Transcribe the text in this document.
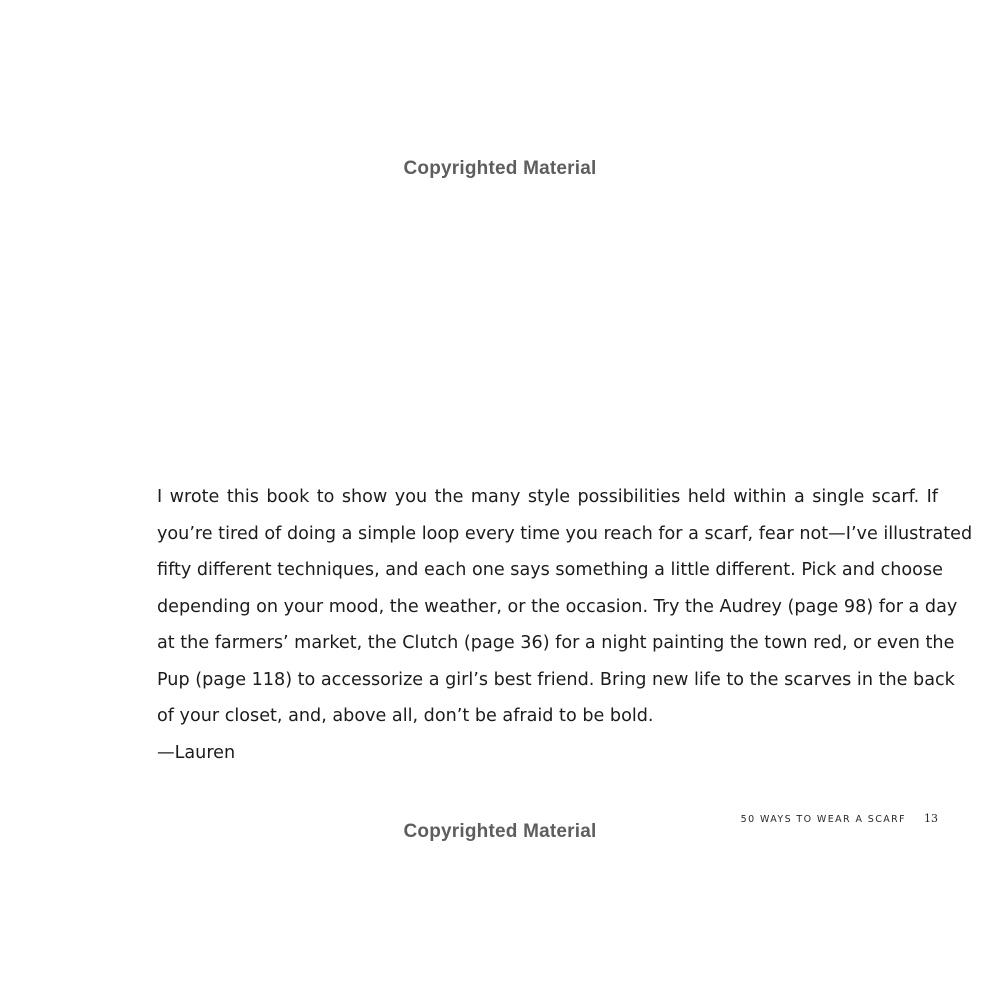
Copyrighted Material
I wrote this book to show you the many style possibilities held within a single scarf. If
you’re tired of doing a simple loop every time you reach for a scarf, fear not—I’ve illustrated
fifty different techniques, and each one says something a little different. Pick and choose
depending on your mood, the weather, or the occasion. Try the Audrey (page 98) for a day
at the farmers’ market, the Clutch (page 36) for a night painting the town red, or even the
Pup (page 118) to accessorize a girl’s best friend. Bring new life to the scarves in the back
of your closet, and, above all, don’t be afraid to be bold.
—Lauren
50 WAYS TO WEAR A SCARF 13
Copyrighted Material
